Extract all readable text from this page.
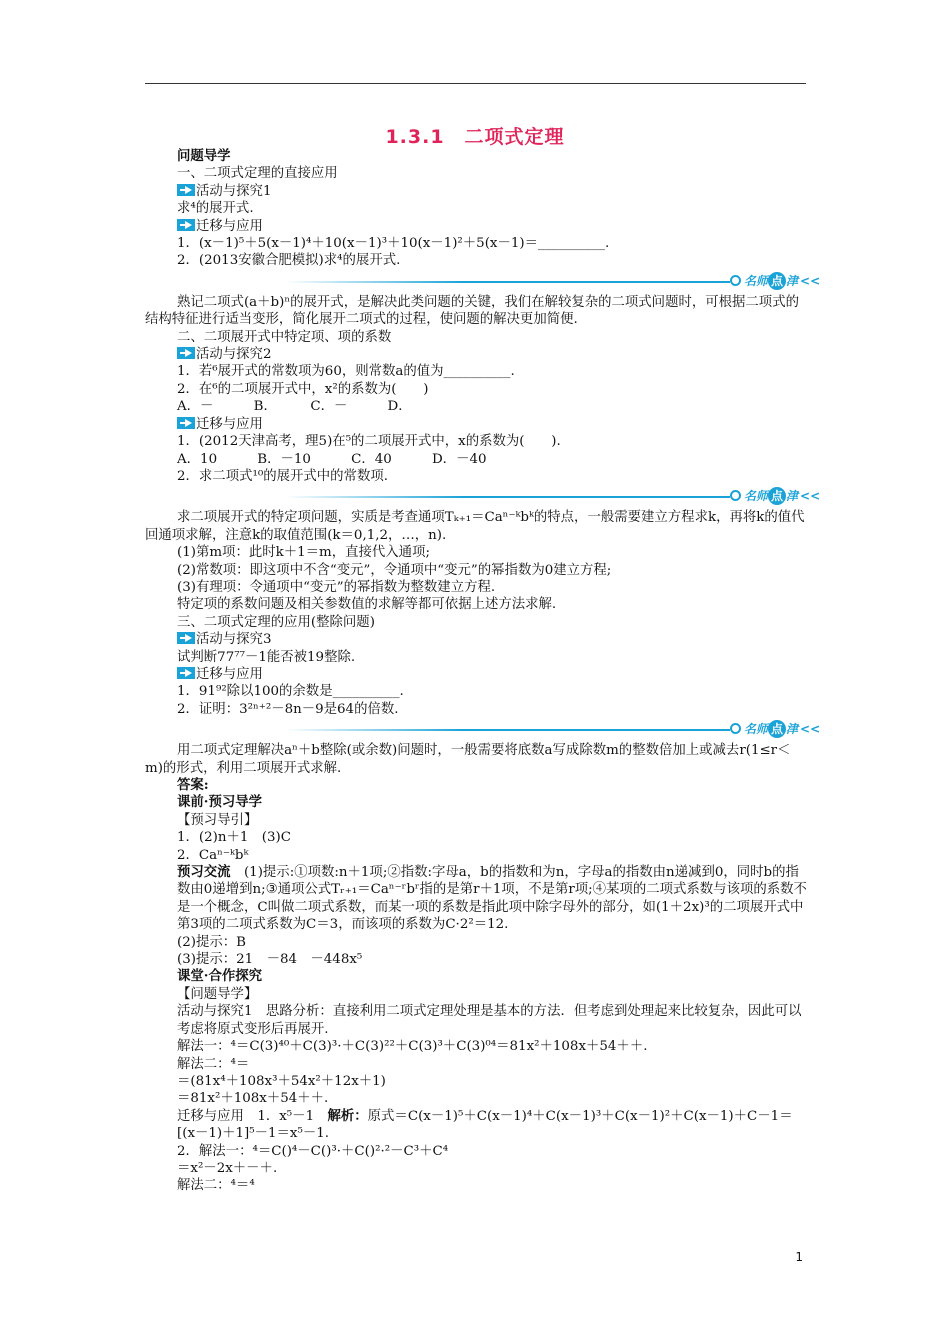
1.3.1　二项式定理
问题导学
一、二项式定理的直接应用
活动与探究1
求⁴的展开式.
迁移与应用
1．(x－1)⁵＋5(x－1)⁴＋10(x－1)³＋10(x－1)²＋5(x－1)＝__________.
2．(2013安徽合肥模拟)求⁴的展开式.
名师 点 津 <<
熟记二项式(a＋b)ⁿ的展开式，是解决此类问题的关键，我们在解较复杂的二项式问题时，可根据二项式的结构特征进行适当变形，简化展开二项式的过程，使问题的解决更加简便.
二、二项展开式中特定项、项的系数
活动与探究2
1．若⁶展开式的常数项为60，则常数a的值为__________.
2．在⁶的二项展开式中，x²的系数为(　　)
A．－　　　B．　　　C．－　　　D．
迁移与应用
1．(2012天津高考，理5)在⁵的二项展开式中，x的系数为(　　).
A．10　　　B．－10　　　C．40　　　D．－40
2．求二项式¹⁰的展开式中的常数项.
名师 点 津 <<
求二项展开式的特定项问题，实质是考查通项Tₖ₊₁＝Caⁿ⁻ᵏbᵏ的特点，一般需要建立方程求k，再将k的值代回通项求解，注意k的取值范围(k＝0,1,2，…，n).
(1)第m项：此时k＋1＝m，直接代入通项;
(2)常数项：即这项中不含“变元”，令通项中“变元”的幂指数为0建立方程;
(3)有理项：令通项中“变元”的幂指数为整数建立方程.
特定项的系数问题及相关参数值的求解等都可依据上述方法求解.
三、二项式定理的应用(整除问题)
活动与探究3
试判断77⁷⁷－1能否被19整除.
迁移与应用
1．91⁹²除以100的余数是__________.
2．证明：3²ⁿ⁺²－8n－9是64的倍数.
名师 点 津 <<
用二项式定理解决aⁿ＋b整除(或余数)问题时，一般需要将底数a写成除数m的整数倍加上或减去r(1≤r＜m)的形式，利用二项展开式求解.
答案:
课前·预习导学
【预习导引】
1．(2)n＋1　(3)C
2．Caⁿ⁻ᵏbᵏ
预习交流　(1)提示:①项数:n＋1项;②指数:字母a，b的指数和为n，字母a的指数由n递减到0，同时b的指数由0递增到n;③通项公式Tᵣ₊₁＝Caⁿ⁻ʳbʳ指的是第r＋1项，不是第r项;④某项的二项式系数与该项的系数不是一个概念，C叫做二项式系数，而某一项的系数是指此项中除字母外的部分，如(1＋2x)³的二项展开式中第3项的二项式系数为C＝3，而该项的系数为C·2²＝12.
(2)提示：B
(3)提示：21　－84　－448x⁵
课堂·合作探究
【问题导学】
活动与探究1　思路分析：直接利用二项式定理处理是基本的方法．但考虑到处理起来比较复杂，因此可以考虑将原式变形后再展开.
解法一：⁴＝C(3)⁴⁰＋C(3)³·＋C(3)²²＋C(3)³＋C(3)⁰⁴＝81x²＋108x＋54＋＋.
解法二：⁴＝
＝(81x⁴＋108x³＋54x²＋12x＋1)
＝81x²＋108x＋54＋＋.
迁移与应用　1．x⁵－1　解析：原式＝C(x－1)⁵＋C(x－1)⁴＋C(x－1)³＋C(x－1)²＋C(x－1)＋C－1＝[(x－1)＋1]⁵－1＝x⁵－1.
2．解法一：⁴＝C()⁴－C()³·＋C()²·²－C³＋C⁴
＝x²－2x＋－＋.
解法二：⁴＝⁴
1
